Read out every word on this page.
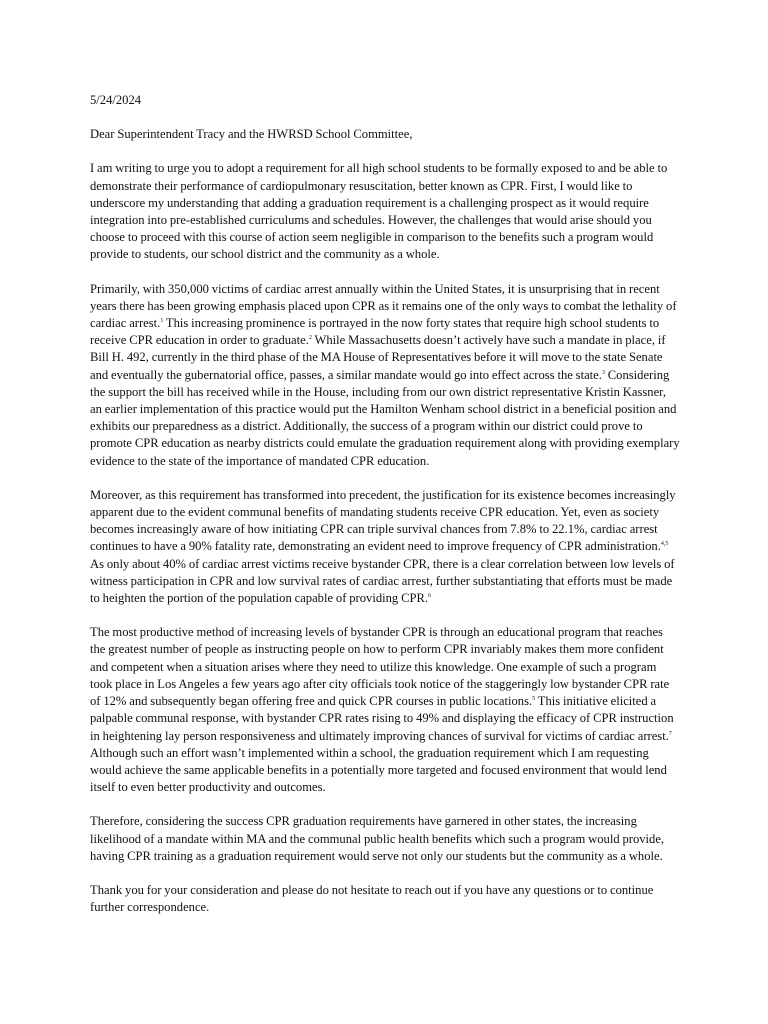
5/24/2024
Dear Superintendent Tracy and the HWRSD School Committee,

I am writing to urge you to adopt a requirement for all high school students to be formally exposed to and be able to demonstrate their performance of cardiopulmonary resuscitation, better known as CPR. First, I would like to underscore my understanding that adding a graduation requirement is a challenging prospect as it would require integration into pre-established curriculums and schedules. However, the challenges that would arise should you choose to proceed with this course of action seem negligible in comparison to the benefits such a program would provide to students, our school district and the community as a whole.

Primarily, with 350,000 victims of cardiac arrest annually within the United States, it is unsurprising that in recent years there has been growing emphasis placed upon CPR as it remains one of the only ways to combat the lethality of cardiac arrest.$^1$ This increasing prominence is portrayed in the now forty states that require high school students to receive CPR education in order to graduate.$^2$ While Massachusetts doesn’t actively have such a mandate in place, if Bill H. 492, currently in the third phase of the MA House of Representatives before it will move to the state Senate and eventually the gubernatorial office, passes, a similar mandate would go into effect across the state.$^3$ Considering the support the bill has received while in the House, including from our own district representative Kristin Kassner, an earlier implementation of this practice would put the Hamilton Wenham school district in a beneficial position and exhibits our preparedness as a district. Additionally, the success of a program within our district could prove to promote CPR education as nearby districts could emulate the graduation requirement along with providing exemplary evidence to the state of the importance of mandated CPR education.

Moreover, as this requirement has transformed into precedent, the justification for its existence becomes increasingly apparent due to the evident communal benefits of mandating students receive CPR education. Yet, even as society becomes increasingly aware of how initiating CPR can triple survival chances from 7.8% to 22.1%, cardiac arrest continues to have a 90% fatality rate, demonstrating an evident need to improve frequency of CPR administration.$^{4,5}$ As only about 40% of cardiac arrest victims receive bystander CPR, there is a clear correlation between low levels of witness participation in CPR and low survival rates of cardiac arrest, further substantiating that efforts must be made to heighten the portion of the population capable of providing CPR.$^6$

The most productive method of increasing levels of bystander CPR is through an educational program that reaches the greatest number of people as instructing people on how to perform CPR invariably makes them more confident and competent when a situation arises where they need to utilize this knowledge. One example of such a program took place in Los Angeles a few years ago after city officials took notice of the staggeringly low bystander CPR rate of 12% and subsequently began offering free and quick CPR courses in public locations.$^5$ This initiative elicited a palpable communal response, with bystander CPR rates rising to 49% and displaying the efficacy of CPR instruction in heightening lay person responsiveness and ultimately improving chances of survival for victims of cardiac arrest.$^7$ Although such an effort wasn’t implemented within a school, the graduation requirement which I am requesting would achieve the same applicable benefits in a potentially more targeted and focused environment that would lend itself to even better productivity and outcomes.

Therefore, considering the success CPR graduation requirements have garnered in other states, the increasing likelihood of a mandate within MA and the communal public health benefits which such a program would provide, having CPR training as a graduation requirement would serve not only our students but the community as a whole.

Thank you for your consideration and please do not hesitate to reach out if you have any questions or to continue further correspondence.
